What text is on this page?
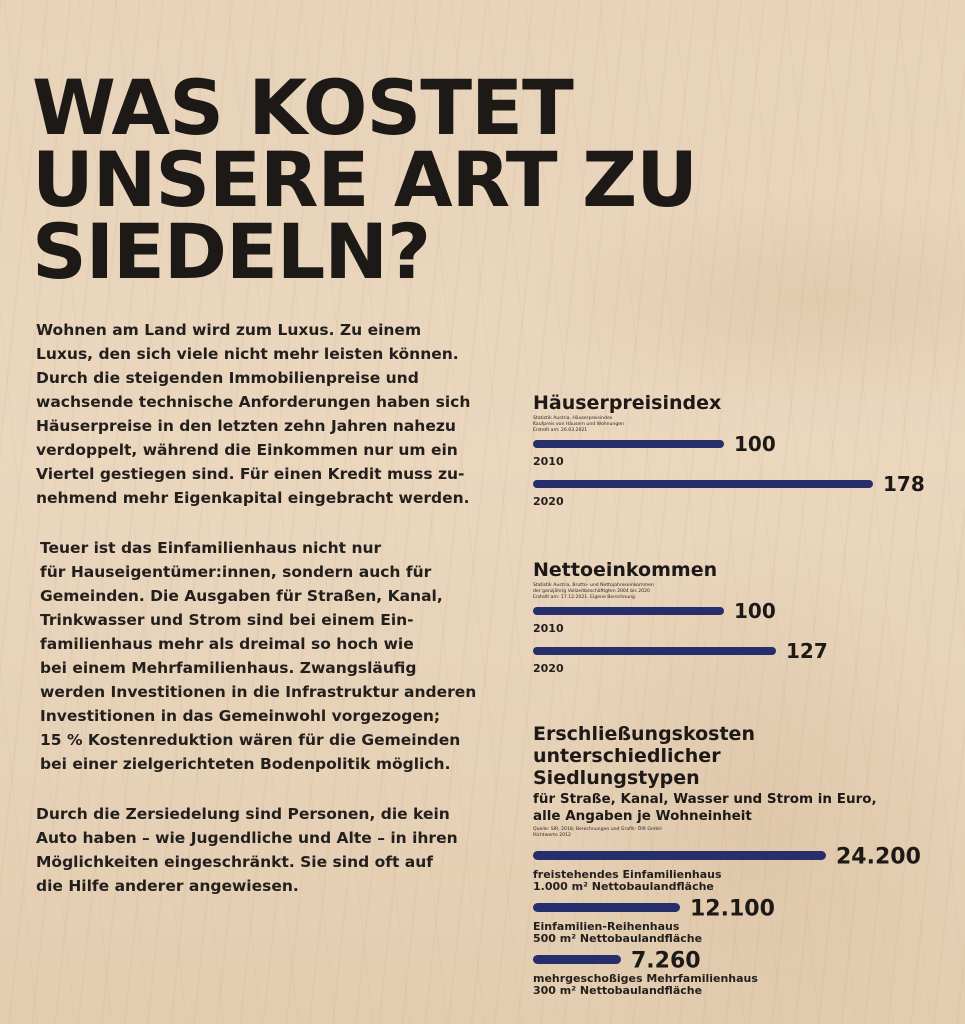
WAS KOSTET
UNSERE ART ZU
SIEDELN?

Wohnen am Land wird zum Luxus. Zu einem
Luxus, den sich viele nicht mehr leisten können.
Durch die steigenden Immobilienpreise und
wachsende technische Anforderungen haben sich
Häuserpreise in den letzten zehn Jahren nahezu
verdoppelt, während die Einkommen nur um ein
Viertel gestiegen sind. Für einen Kredit muss zu-
nehmend mehr Eigenkapital eingebracht werden.

Teuer ist das Einfamilienhaus nicht nur
für Hauseigentümer:innen, sondern auch für
Gemeinden. Die Ausgaben für Straßen, Kanal,
Trinkwasser und Strom sind bei einem Ein-
familienhaus mehr als dreimal so hoch wie
bei einem Mehrfamilienhaus. Zwangsläufig
werden Investitionen in die Infrastruktur anderen
Investitionen in das Gemeinwohl vorgezogen;
15 % Kostenreduktion wären für die Gemeinden
bei einer zielgerichteten Bodenpolitik möglich.

Durch die Zersiedelung sind Personen, die kein
Auto haben – wie Jugendliche und Alte – in ihren
Möglichkeiten eingeschränkt. Sie sind oft auf
die Hilfe anderer angewiesen.

Häuserpreisindex
Statistik Austria, Häuserpreisindex
Kaufpreis von Häusern und Wohnungen
Erstellt am: 26.03.2021
100
2010
178
2020
Nettoeinkommen
Statistik Austria, Brutto- und Nettojahreseinkommen
der ganzjährig Vollzeitbeschäftigten 2004 bis 2020
Erstellt am: 17.12.2021. Eigene Berechnung
100
2010
127
2020
Erschließungskosten
unterschiedlicher
Siedlungstypen
für Straße, Kanal, Wasser und Strom in Euro,
alle Angaben je Wohneinheit
Quelle: SIR, 2018; Berechnungen und Grafik: ÖIR GmbH
Richtwerte 2012
24.200
freistehendes Einfamilienhaus
1.000 m² Nettobaulandfläche
12.100
Einfamilien-Reihenhaus
500 m² Nettobaulandfläche
7.260
mehrgeschoßiges Mehrfamilienhaus
300 m² Nettobaulandfläche
